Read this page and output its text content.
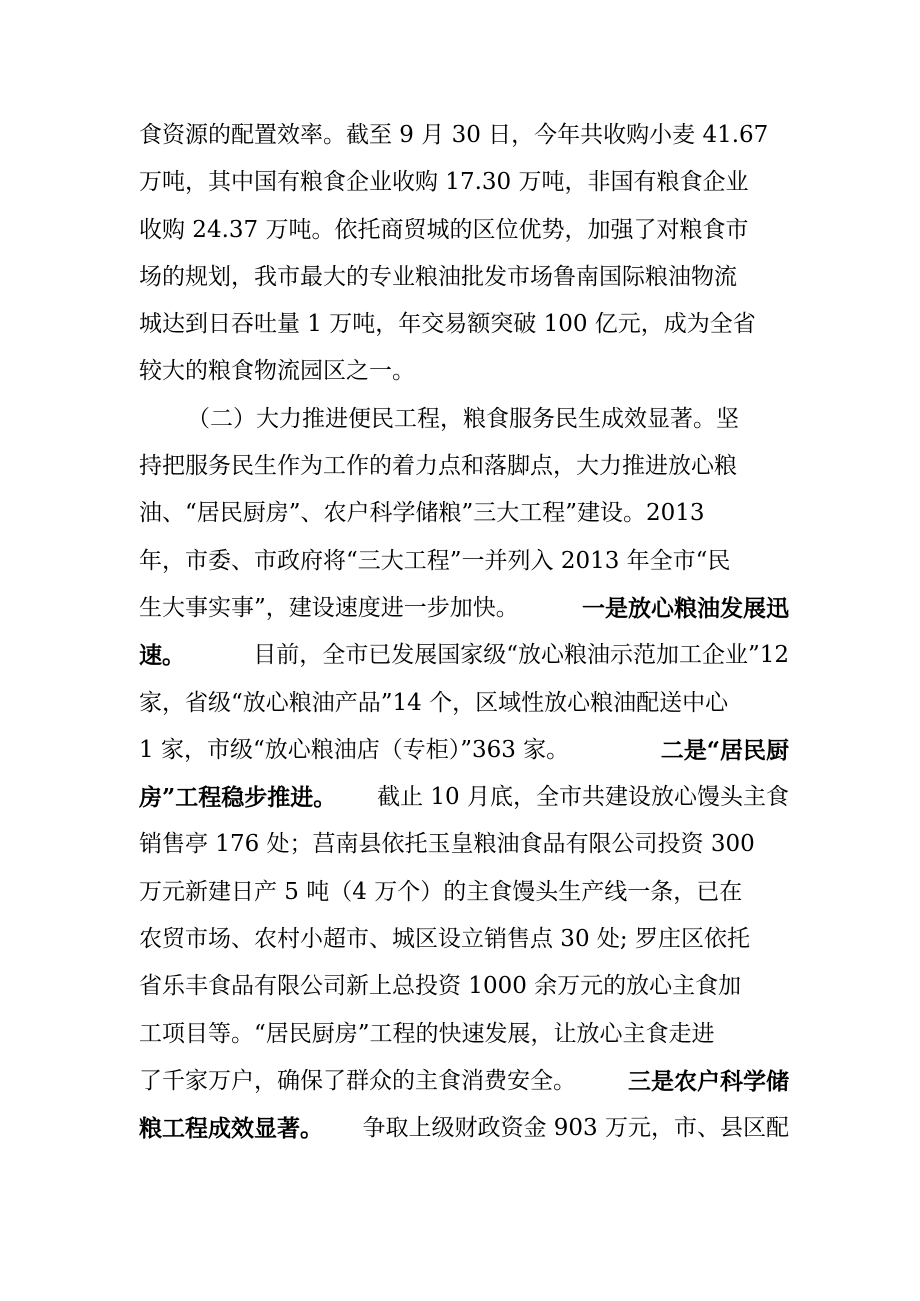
食资源的配置效率。截至 9 月 30 日，今年共收购小麦 41.67
万吨，其中国有粮食企业收购 17.30 万吨，非国有粮食企业
收购 24.37 万吨。依托商贸城的区位优势，加强了对粮食市
场的规划，我市最大的专业粮油批发市场鲁南国际粮油物流
城达到日吞吐量 1 万吨，年交易额突破 100 亿元，成为全省
较大的粮食物流园区之一。
（二）大力推进便民工程，粮食服务民生成效显著。坚
持把服务民生作为工作的着力点和落脚点，大力推进放心粮
油、“居民厨房”、农户科学储粮”三大工程”建设。2013
年，市委、市政府将“三大工程”一并列入 2013 年全市“民
生大事实事”，建设速度进一步加快。	一是放心粮油发展迅
速。	目前，全市已发展国家级“放心粮油示范加工企业”12
家，省级“放心粮油产品”14 个，区域性放心粮油配送中心
1 家，市级“放心粮油店（专柜）”363 家。	二是“居民厨
房”工程稳步推进。 截止 10 月底，全市共建设放心馒头主食
销售亭 176 处；莒南县依托玉皇粮油食品有限公司投资 300
万元新建日产 5 吨（4 万个）的主食馒头生产线一条，已在
农贸市场、农村小超市、城区设立销售点 30 处; 罗庄区依托
省乐丰食品有限公司新上总投资 1000 余万元的放心主食加
工项目等。“居民厨房”工程的快速发展，让放心主食走进
了千家万户，确保了群众的主食消费安全。 三是农户科学储
粮工程成效显著。 争取上级财政资金 903 万元，市、县区配
